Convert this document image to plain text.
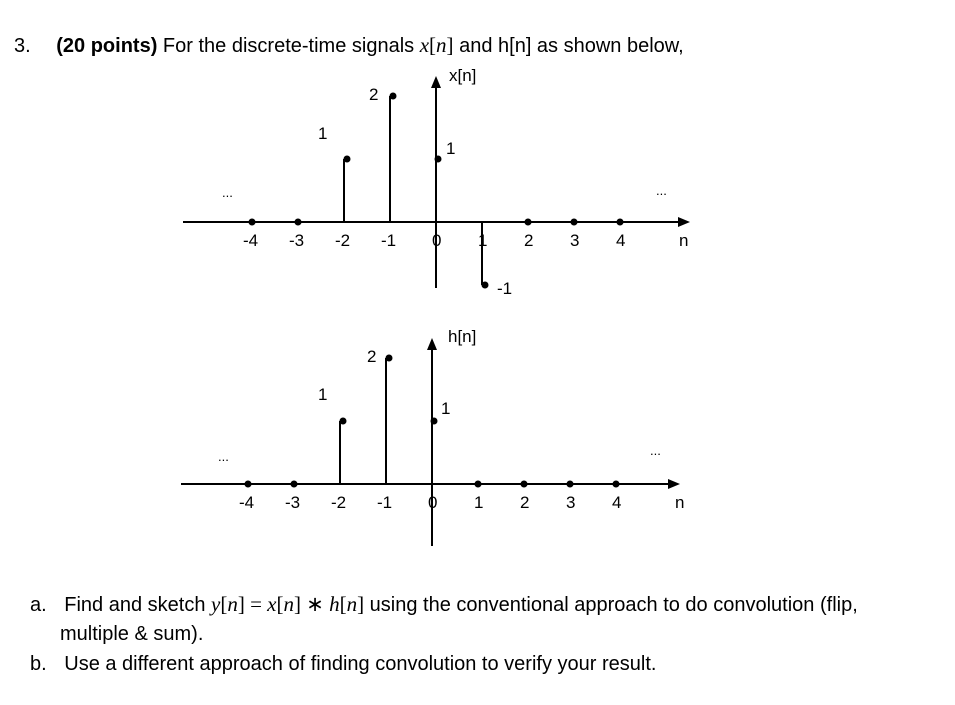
3. (20 points) For the discrete-time signals x[n] and h[n] as shown below,
x[n]
n
...	...
-4 -3 -2 -1 0 1 2 3 4
1
2
1
-1
h[n]
n
...	...
-4 -3 -2 -1 0 1 2 3 4
1
2
1
a. Find and sketch y[n] = x[n] ∗ h[n] using the conventional approach to do convolution (flip,
multiple & sum).
b. Use a different approach of finding convolution to verify your result.
